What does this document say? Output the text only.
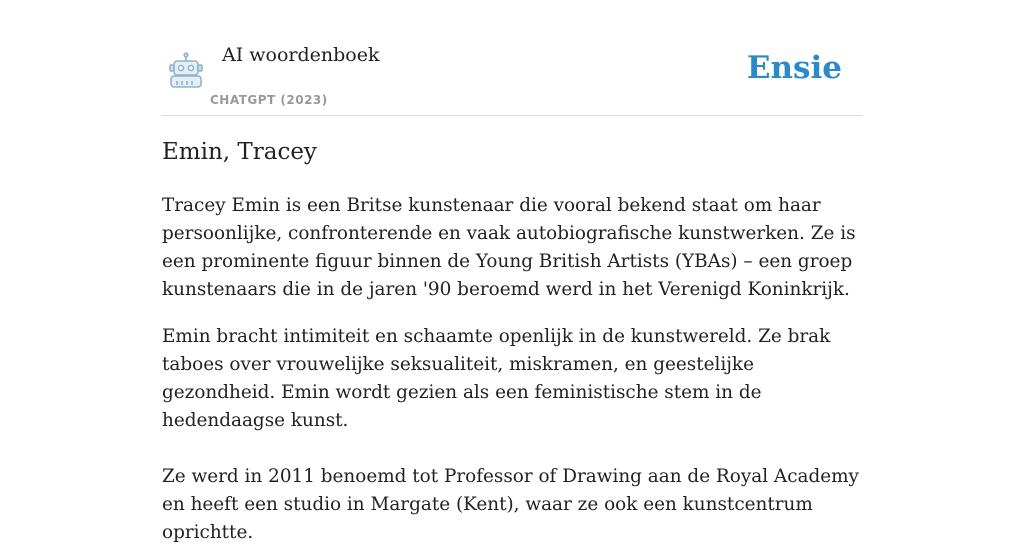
AI woordenboek
CHATGPT (2023)
Ensie
Emin, Tracey

Tracey Emin is een Britse kunstenaar die vooral bekend staat om haar persoonlijke, confronterende en vaak autobiografische kunstwerken. Ze is een prominente figuur binnen de Young British Artists (YBAs) – een groep kunstenaars die in de jaren '90 beroemd werd in het Verenigd Koninkrijk.

Emin bracht intimiteit en schaamte openlijk in de kunstwereld. Ze brak taboes over vrouwelijke seksualiteit, miskramen, en geestelijke gezondheid. Emin wordt gezien als een feministische stem in de hedendaagse kunst.

Ze werd in 2011 benoemd tot Professor of Drawing aan de Royal Academy en heeft een studio in Margate (Kent), waar ze ook een kunstcentrum oprichtte.
